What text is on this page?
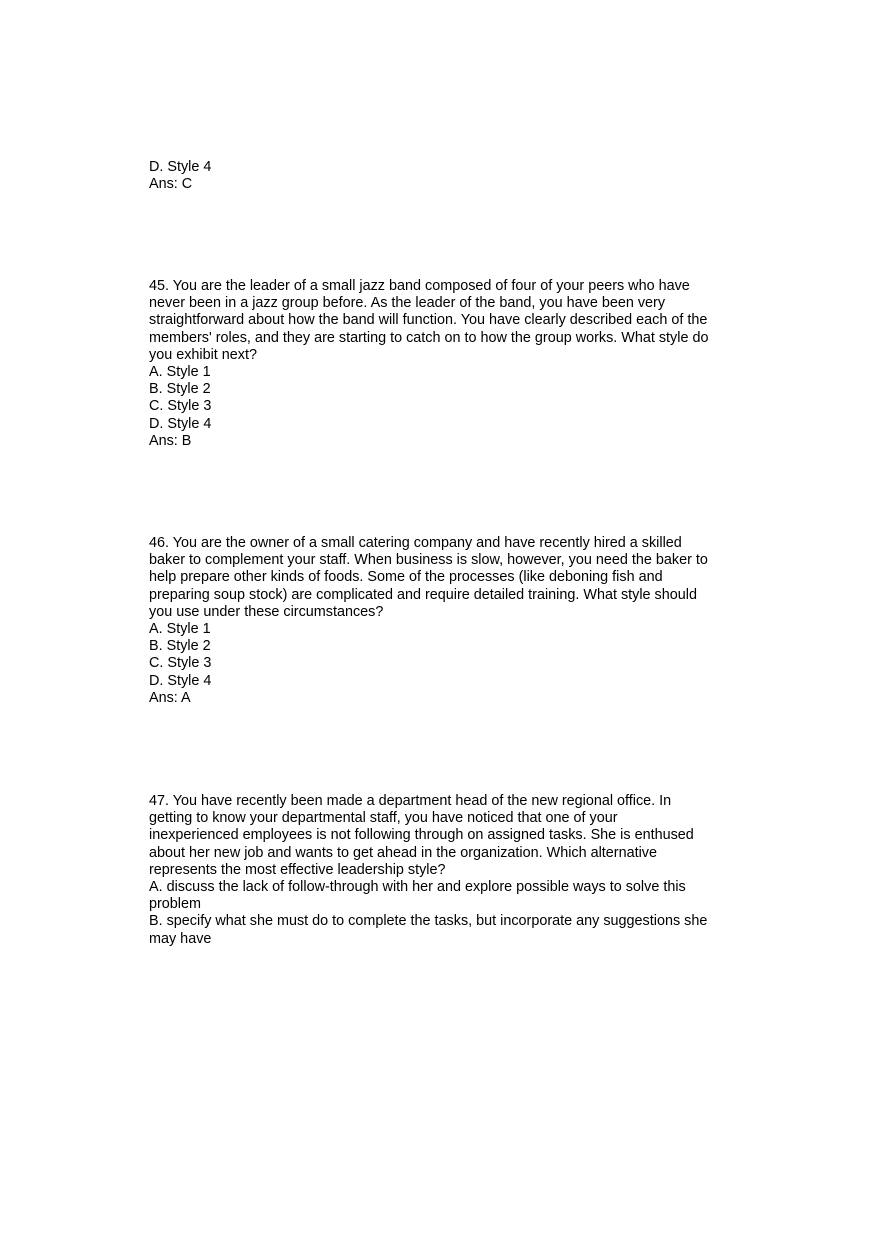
D. Style 4
Ans: C
45. You are the leader of a small jazz band composed of four of your peers who have
never been in a jazz group before. As the leader of the band, you have been very
straightforward about how the band will function. You have clearly described each of the
members' roles, and they are starting to catch on to how the group works. What style do
you exhibit next?
A. Style 1
B. Style 2
C. Style 3
D. Style 4
Ans: B
46. You are the owner of a small catering company and have recently hired a skilled
baker to complement your staff. When business is slow, however, you need the baker to
help prepare other kinds of foods. Some of the processes (like deboning fish and
preparing soup stock) are complicated and require detailed training. What style should
you use under these circumstances?
A. Style 1
B. Style 2
C. Style 3
D. Style 4
Ans: A
47. You have recently been made a department head of the new regional office. In
getting to know your departmental staff, you have noticed that one of your
inexperienced employees is not following through on assigned tasks. She is enthused
about her new job and wants to get ahead in the organization. Which alternative
represents the most effective leadership style?
A. discuss the lack of follow-through with her and explore possible ways to solve this
problem
B. specify what she must do to complete the tasks, but incorporate any suggestions she
may have
